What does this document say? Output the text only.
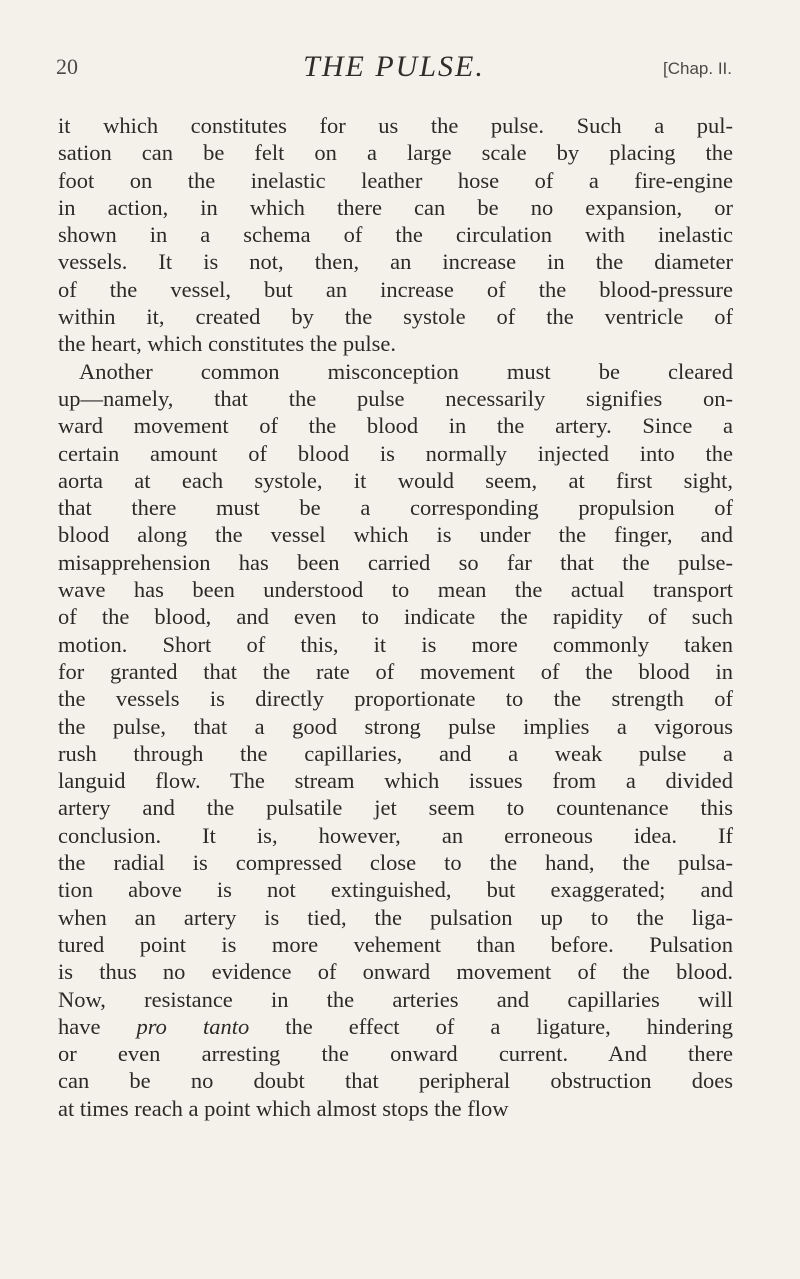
20	THE PULSE.	[Chap. II.
it which constitutes for us the pulse. Such a pul-
sation can be felt on a large scale by placing the
foot on the inelastic leather hose of a fire-engine
in action, in which there can be no expansion, or
shown in a schema of the circulation with inelastic
vessels. It is not, then, an increase in the diameter
of the vessel, but an increase of the blood-pressure
within it, created by the systole of the ventricle of
the heart, which constitutes the pulse.
Another common misconception must be cleared
up—namely, that the pulse necessarily signifies on-
ward movement of the blood in the artery. Since a
certain amount of blood is normally injected into the
aorta at each systole, it would seem, at first sight,
that there must be a corresponding propulsion of
blood along the vessel which is under the finger, and
misapprehension has been carried so far that the pulse-
wave has been understood to mean the actual transport
of the blood, and even to indicate the rapidity of such
motion. Short of this, it is more commonly taken
for granted that the rate of movement of the blood in
the vessels is directly proportionate to the strength of
the pulse, that a good strong pulse implies a vigorous
rush through the capillaries, and a weak pulse a
languid flow. The stream which issues from a divided
artery and the pulsatile jet seem to countenance this
conclusion. It is, however, an erroneous idea. If
the radial is compressed close to the hand, the pulsa-
tion above is not extinguished, but exaggerated; and
when an artery is tied, the pulsation up to the liga-
tured point is more vehement than before. Pulsation
is thus no evidence of onward movement of the blood.
Now, resistance in the arteries and capillaries will
have pro tanto the effect of a ligature, hindering
or even arresting the onward current. And there
can be no doubt that peripheral obstruction does
at times reach a point which almost stops the flow
